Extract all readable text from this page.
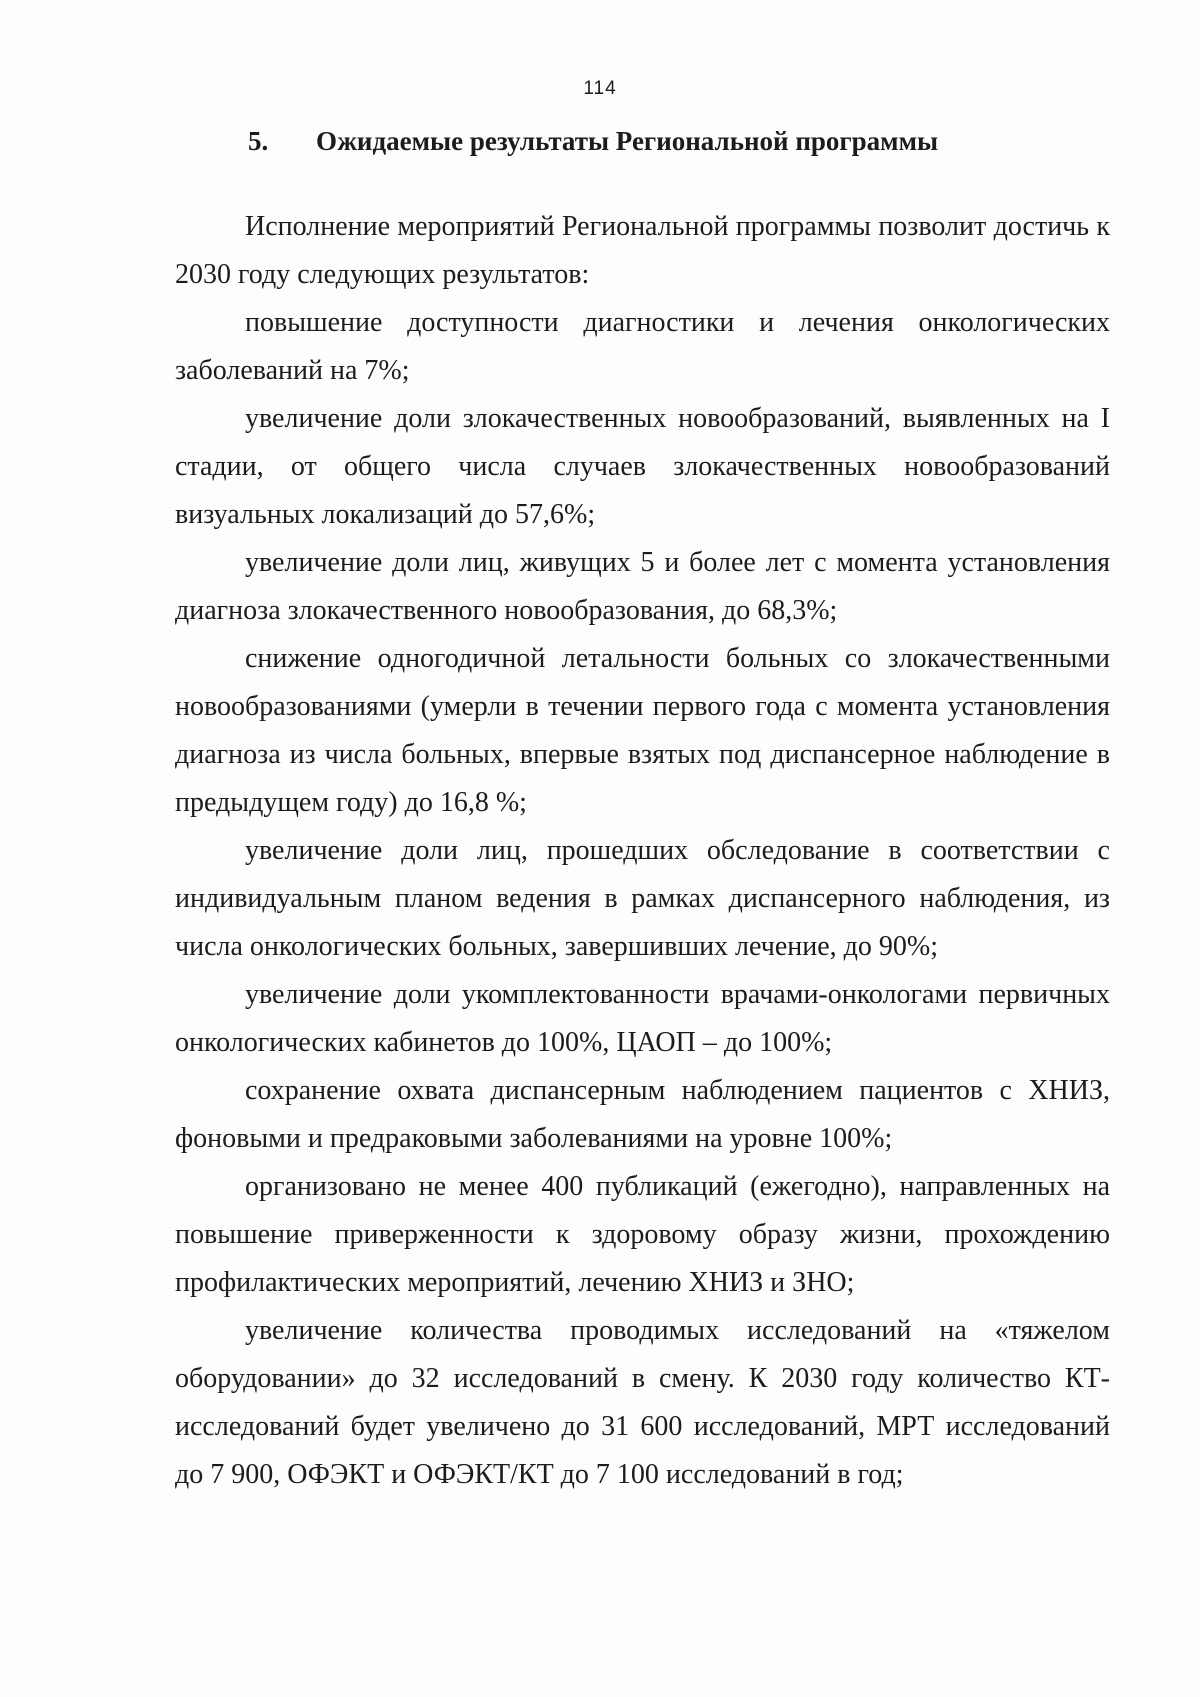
114
5. Ожидаемые результаты Региональной программы

Исполнение мероприятий Региональной программы позволит достичь к 2030 году следующих результатов:

повышение доступности диагностики и лечения онкологических заболеваний на 7%;

увеличение доли злокачественных новообразований, выявленных на I стадии, от общего числа случаев злокачественных новообразований визуальных локализаций до 57,6%;

увеличение доли лиц, живущих 5 и более лет с момента установления диагноза злокачественного новообразования, до 68,3%;

снижение одногодичной летальности больных со злокачественными новообразованиями (умерли в течении первого года с момента установления диагноза из числа больных, впервые взятых под диспансерное наблюдение в предыдущем году) до 16,8 %;

увеличение доли лиц, прошедших обследование в соответствии с индивидуальным планом ведения в рамках диспансерного наблюдения, из числа онкологических больных, завершивших лечение, до 90%;

увеличение доли укомплектованности врачами-онкологами первичных онкологических кабинетов до 100%, ЦАОП – до 100%;

сохранение охвата диспансерным наблюдением пациентов с ХНИЗ, фоновыми и предраковыми заболеваниями на уровне 100%;

организовано не менее 400 публикаций (ежегодно), направленных на повышение приверженности к здоровому образу жизни, прохождению профилактических мероприятий, лечению ХНИЗ и ЗНО;

увеличение количества проводимых исследований на «тяжелом оборудовании» до 32 исследований в смену. К 2030 году количество КТ-исследований будет увеличено до 31 600 исследований, МРТ исследований до 7 900, ОФЭКТ и ОФЭКТ/КТ до 7 100 исследований в год;
